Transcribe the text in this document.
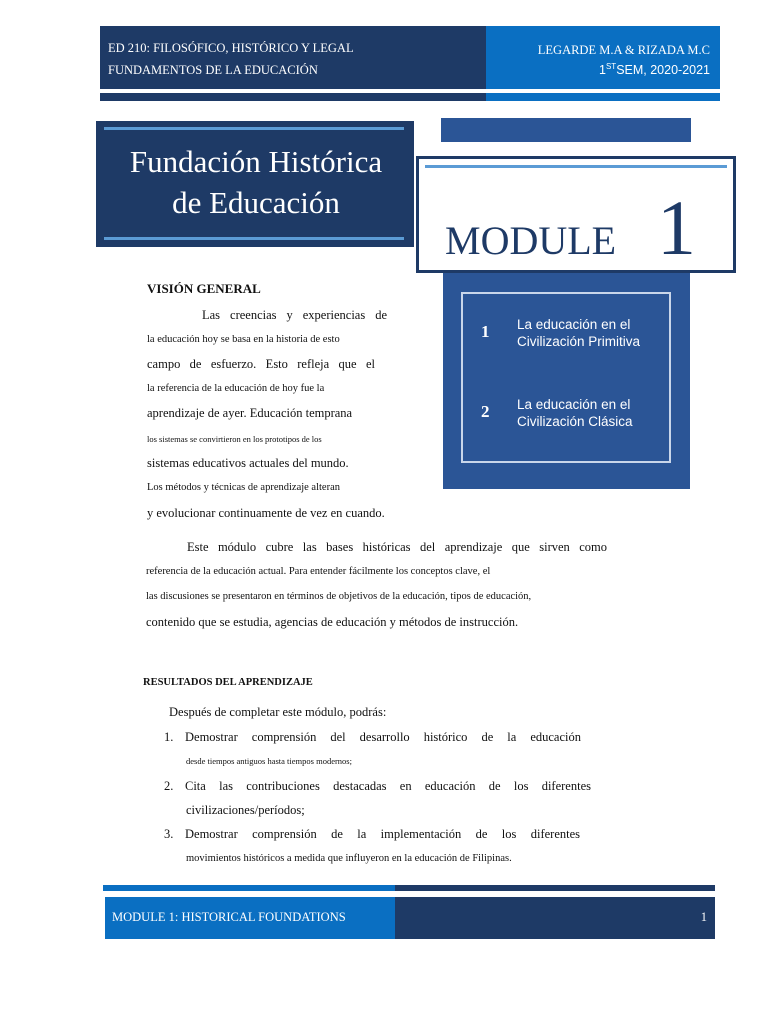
ED 210: FILOSÓFICO, HISTÓRICO Y LEGAL
FUNDAMENTOS DE LA EDUCACIÓN
LEGARDE M.A & RIZADA M.C
1STSEM, 2020-2021
Fundación Histórica
de Educación
MODULE 1
1 La educación en el Civilización Primitiva
2 La educación en el Civilización Clásica
VISIÓN GENERAL
Las creencias y experiencias de
la educación hoy se basa en la historia de esto
campo de esfuerzo. Esto refleja que el
la referencia de la educación de hoy fue la
aprendizaje de ayer. Educación temprana
los sistemas se convirtieron en los prototipos de los
sistemas educativos actuales del mundo.
Los métodos y técnicas de aprendizaje alteran
y evolucionar continuamente de vez en cuando.
Este módulo cubre las bases históricas del aprendizaje que sirven como
referencia de la educación actual. Para entender fácilmente los conceptos clave, el
las discusiones se presentaron en términos de objetivos de la educación, tipos de educación,
contenido que se estudia, agencias de educación y métodos de instrucción.
RESULTADOS DEL APRENDIZAJE
Después de completar este módulo, podrás:
1. Demostrar comprensión del desarrollo histórico de la educación
desde tiempos antiguos hasta tiempos modernos;
2. Cita las contribuciones destacadas en educación de los diferentes
civilizaciones/períodos;
3. Demostrar comprensión de la implementación de los diferentes
movimientos históricos a medida que influyeron en la educación de Filipinas.
MODULE 1: HISTORICAL FOUNDATIONS	1
